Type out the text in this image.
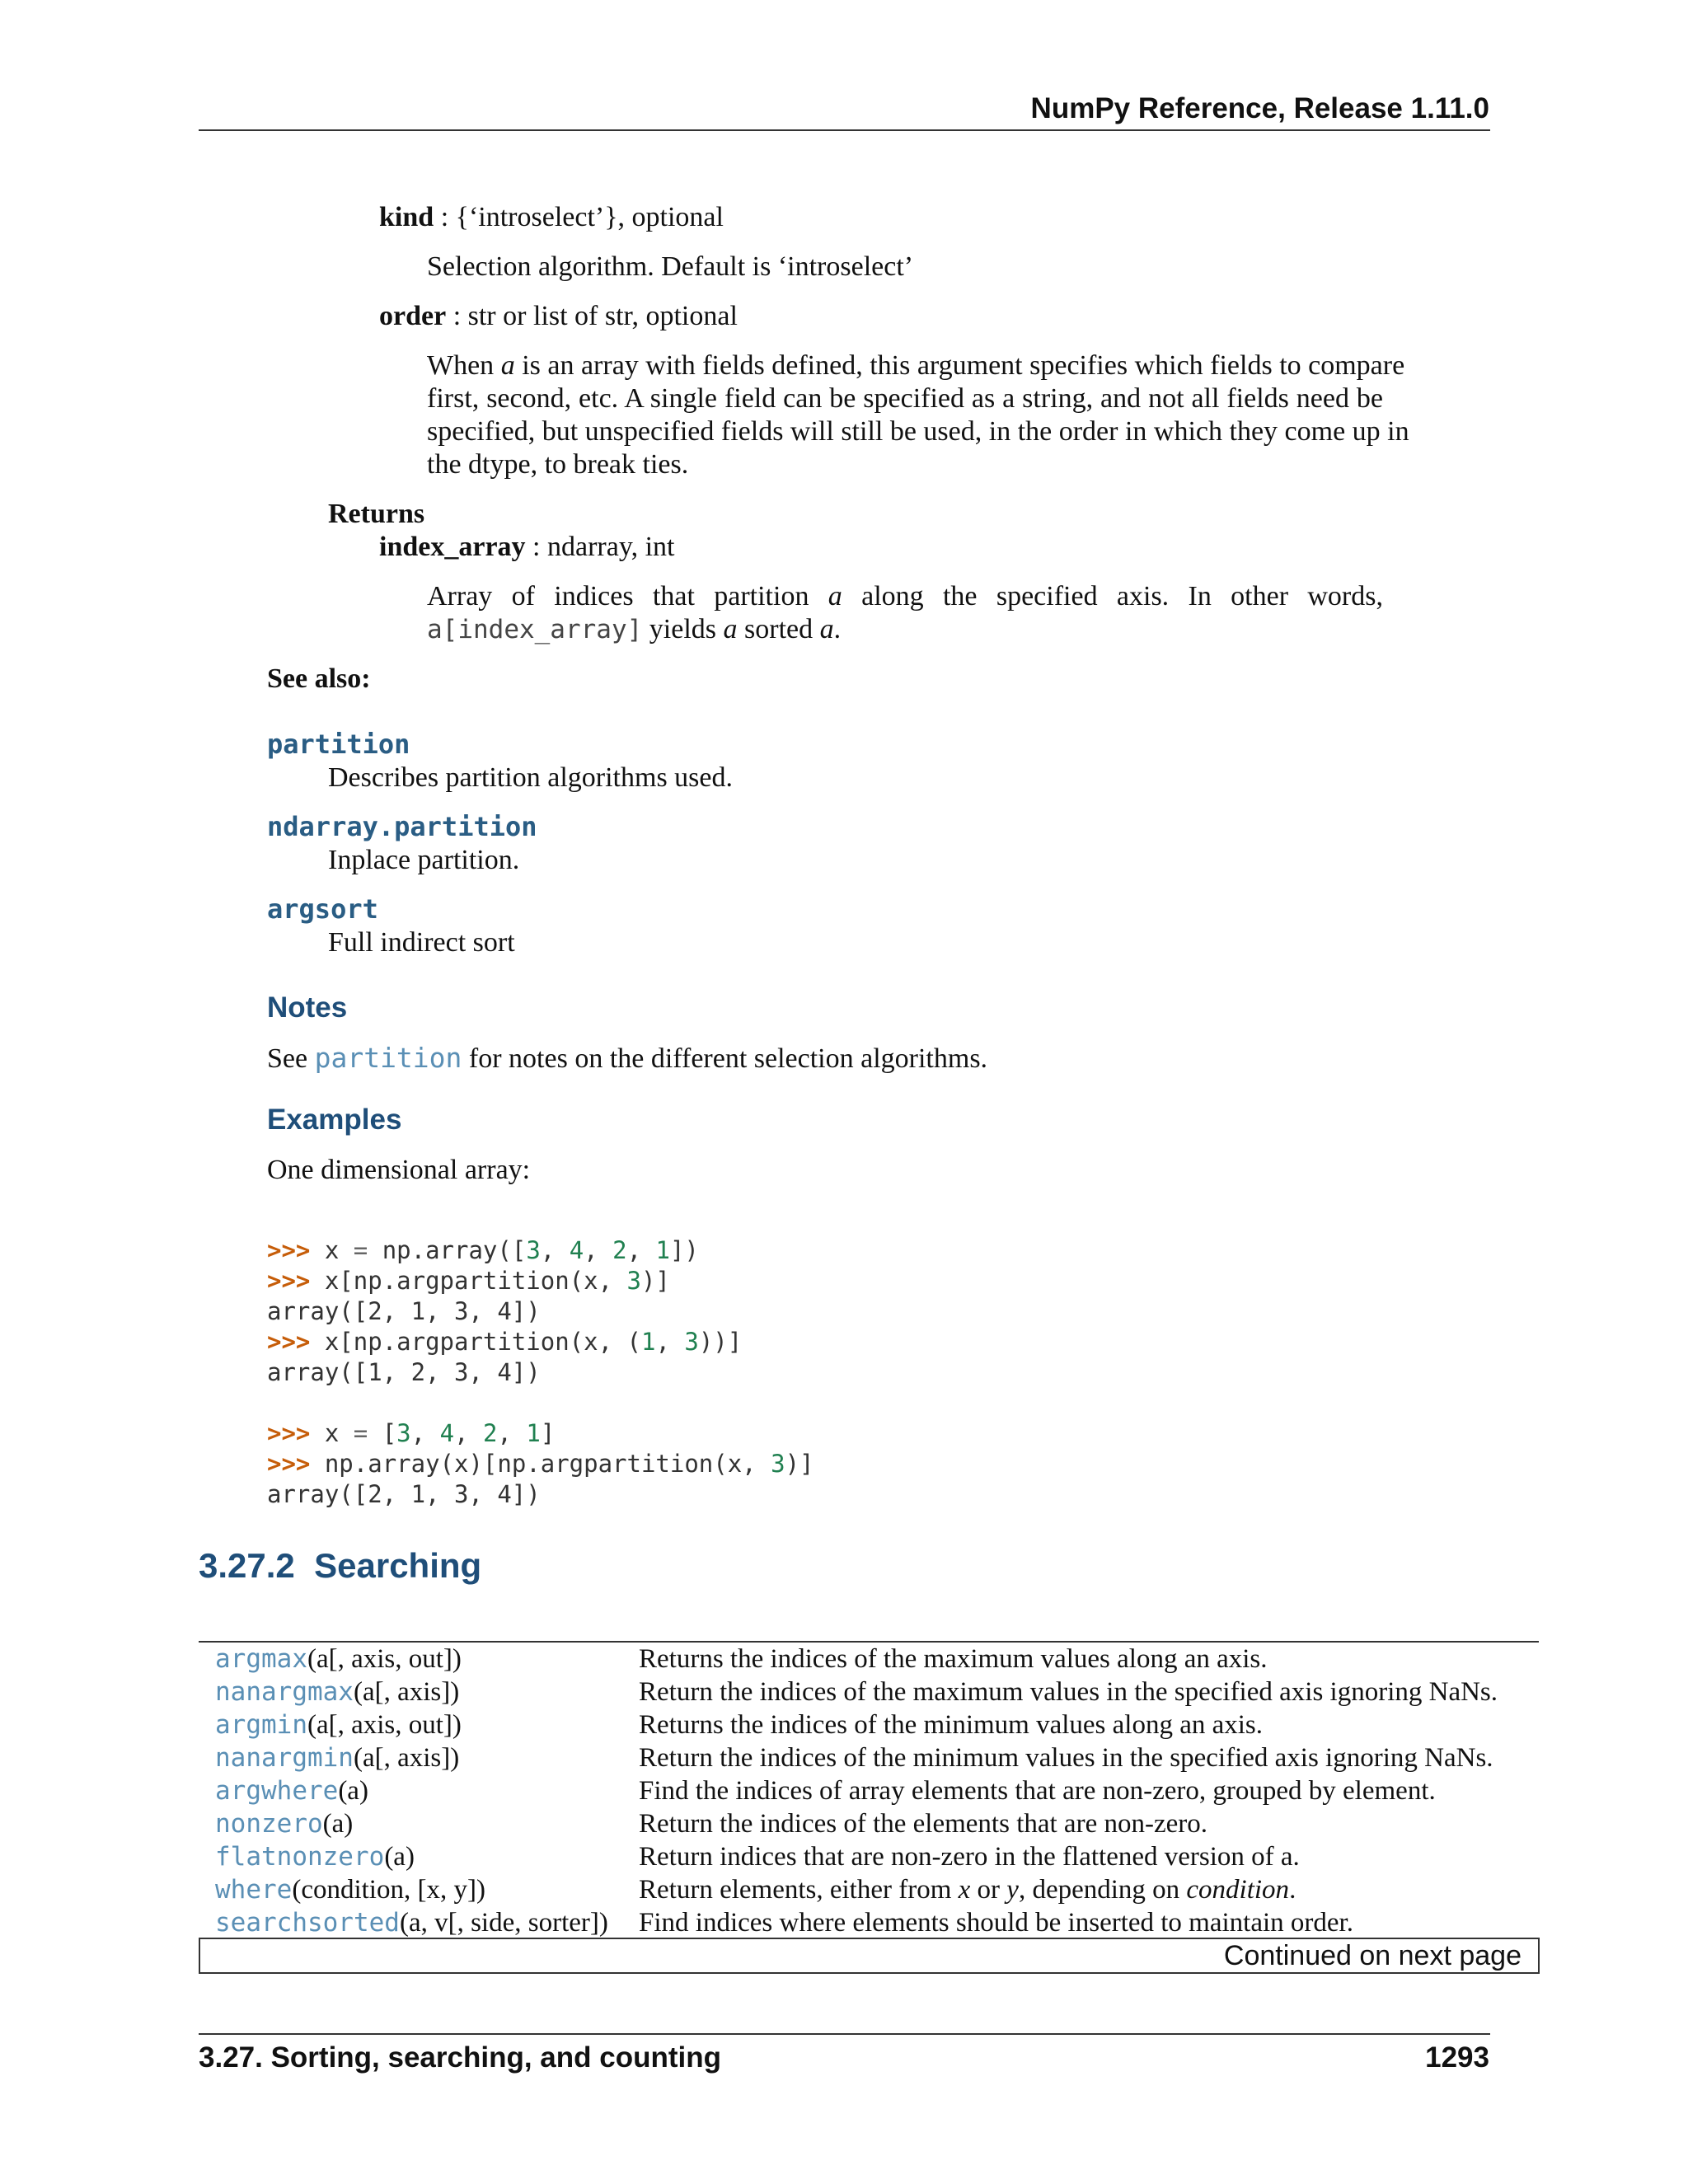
NumPy Reference, Release 1.11.0
kind : {‘introselect’}, optional
Selection algorithm. Default is ‘introselect’
order : str or list of str, optional
When a is an array with fields defined, this argument specifies which fields to compare
first, second, etc. A single field can be specified as a string, and not all fields need be
specified, but unspecified fields will still be used, in the order in which they come up in
the dtype, to break ties.
Returns
index_array : ndarray, int
Array of indices that partition a along the specified axis. In other words,
a[index_array] yields a sorted a.
See also:
partition
Describes partition algorithms used.
ndarray.partition
Inplace partition.
argsort
Full indirect sort
Notes
See partition for notes on the different selection algorithms.
Examples
One dimensional array:

>>> x = np.array([3, 4, 2, 1])
>>> x[np.argpartition(x, 3)]
array([2, 1, 3, 4])
>>> x[np.argpartition(x, (1, 3))]
array([1, 2, 3, 4])

>>> x = [3, 4, 2, 1]
>>> np.array(x)[np.argpartition(x, 3)]
array([2, 1, 3, 4])

3.27.2 Searching
argmax(a[, axis, out])	Returns the indices of the maximum values along an axis.
nanargmax(a[, axis])	Return the indices of the maximum values in the specified axis ignoring NaNs.
argmin(a[, axis, out])	Returns the indices of the minimum values along an axis.
nanargmin(a[, axis])	Return the indices of the minimum values in the specified axis ignoring NaNs.
argwhere(a)	Find the indices of array elements that are non-zero, grouped by element.
nonzero(a)	Return the indices of the elements that are non-zero.
flatnonzero(a)	Return indices that are non-zero in the flattened version of a.
where(condition, [x, y])	Return elements, either from x or y, depending on condition.
searchsorted(a, v[, side, sorter])	Find indices where elements should be inserted to maintain order.
Continued on next page
3.27. Sorting, searching, and counting	1293
